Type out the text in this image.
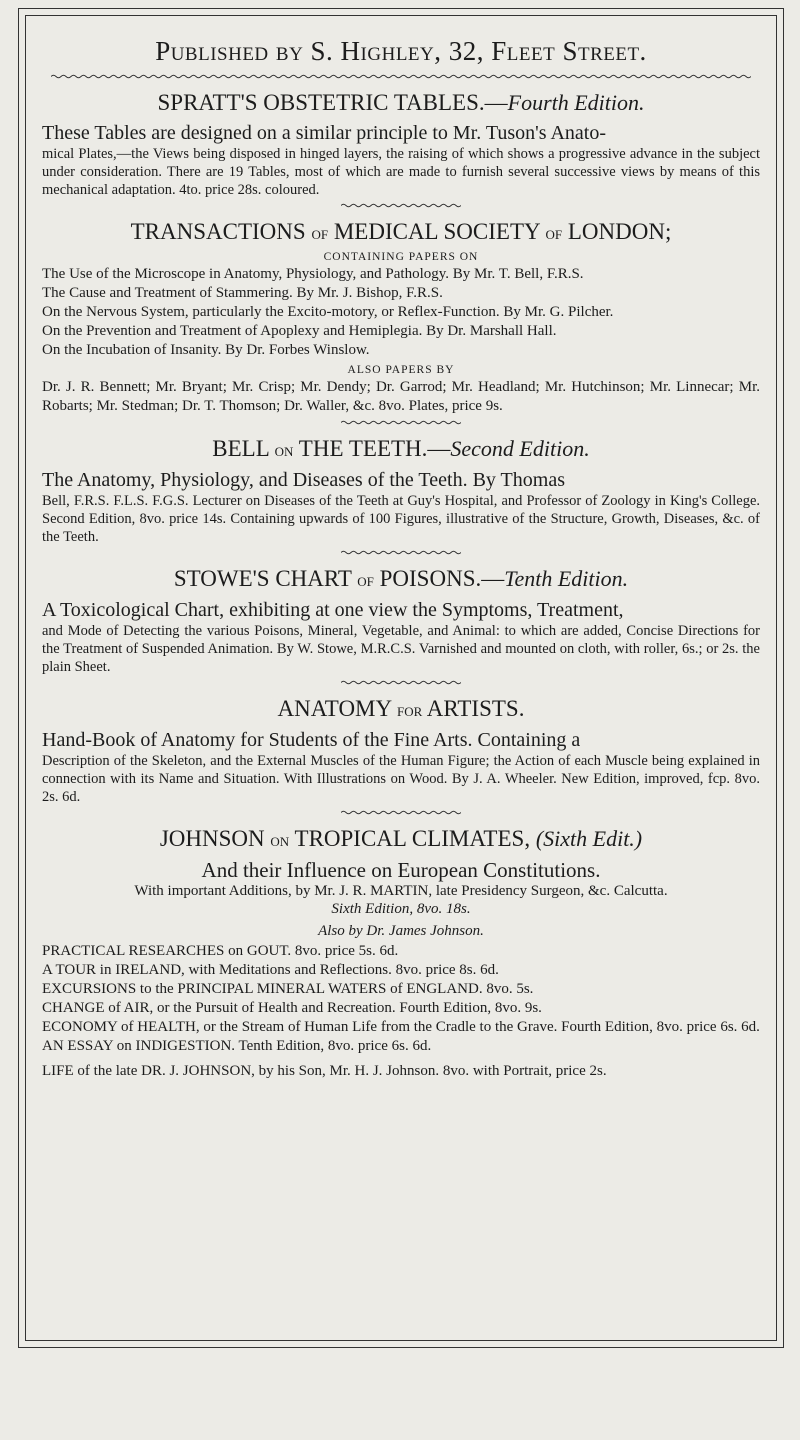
Published by S. Highley, 32, Fleet Street.
SPRATT'S OBSTETRIC TABLES.—Fourth Edition.

These Tables are designed on a similar principle to Mr. Tuson's Anato-

mical Plates,—the Views being disposed in hinged layers, the raising of which shows a progressive advance in the subject under consideration. There are 19 Tables, most of which are made to furnish several successive views by means of this mechanical adaptation. 4to. price 28s. coloured.

TRANSACTIONS of MEDICAL SOCIETY of LONDON;
CONTAINING PAPERS ON

The Use of the Microscope in Anatomy, Physiology, and Pathology. By Mr. T. Bell, F.R.S.

The Cause and Treatment of Stammering. By Mr. J. Bishop, F.R.S.

On the Nervous System, particularly the Excito-motory, or Reflex-Function. By Mr. G. Pilcher.

On the Prevention and Treatment of Apoplexy and Hemiplegia. By Dr. Marshall Hall.

On the Incubation of Insanity. By Dr. Forbes Winslow.

ALSO PAPERS BY

Dr. J. R. Bennett; Mr. Bryant; Mr. Crisp; Mr. Dendy; Dr. Garrod; Mr. Headland; Mr. Hutchinson; Mr. Linnecar; Mr. Robarts; Mr. Stedman; Dr. T. Thomson; Dr. Waller, &c. 8vo. Plates, price 9s.

BELL on THE TEETH.—Second Edition.

The Anatomy, Physiology, and Diseases of the Teeth. By Thomas

Bell, F.R.S. F.L.S. F.G.S. Lecturer on Diseases of the Teeth at Guy's Hospital, and Professor of Zoology in King's College. Second Edition, 8vo. price 14s. Containing upwards of 100 Figures, illustrative of the Structure, Growth, Diseases, &c. of the Teeth.

STOWE'S CHART of POISONS.—Tenth Edition.

A Toxicological Chart, exhibiting at one view the Symptoms, Treatment,

and Mode of Detecting the various Poisons, Mineral, Vegetable, and Animal: to which are added, Concise Directions for the Treatment of Suspended Animation. By W. Stowe, M.R.C.S. Varnished and mounted on cloth, with roller, 6s.; or 2s. the plain Sheet.

ANATOMY for ARTISTS.

Hand-Book of Anatomy for Students of the Fine Arts. Containing a

Description of the Skeleton, and the External Muscles of the Human Figure; the Action of each Muscle being explained in connection with its Name and Situation. With Illustrations on Wood. By J. A. Wheeler. New Edition, improved, fcp. 8vo. 2s. 6d.

JOHNSON on TROPICAL CLIMATES, (Sixth Edit.)

And their Influence on European Constitutions.

With important Additions, by Mr. J. R. MARTIN, late Presidency Surgeon, &c. Calcutta.

Sixth Edition, 8vo. 18s.

Also by Dr. James Johnson.

PRACTICAL RESEARCHES on GOUT. 8vo. price 5s. 6d.

A TOUR in IRELAND, with Meditations and Reflections. 8vo. price 8s. 6d.

EXCURSIONS to the PRINCIPAL MINERAL WATERS of ENGLAND. 8vo. 5s.

CHANGE of AIR, or the Pursuit of Health and Recreation. Fourth Edition, 8vo. 9s.

ECONOMY of HEALTH, or the Stream of Human Life from the Cradle to the Grave. Fourth Edition, 8vo. price 6s. 6d.

AN ESSAY on INDIGESTION. Tenth Edition, 8vo. price 6s. 6d.

LIFE of the late DR. J. JOHNSON, by his Son, Mr. H. J. Johnson. 8vo. with Portrait, price 2s.
